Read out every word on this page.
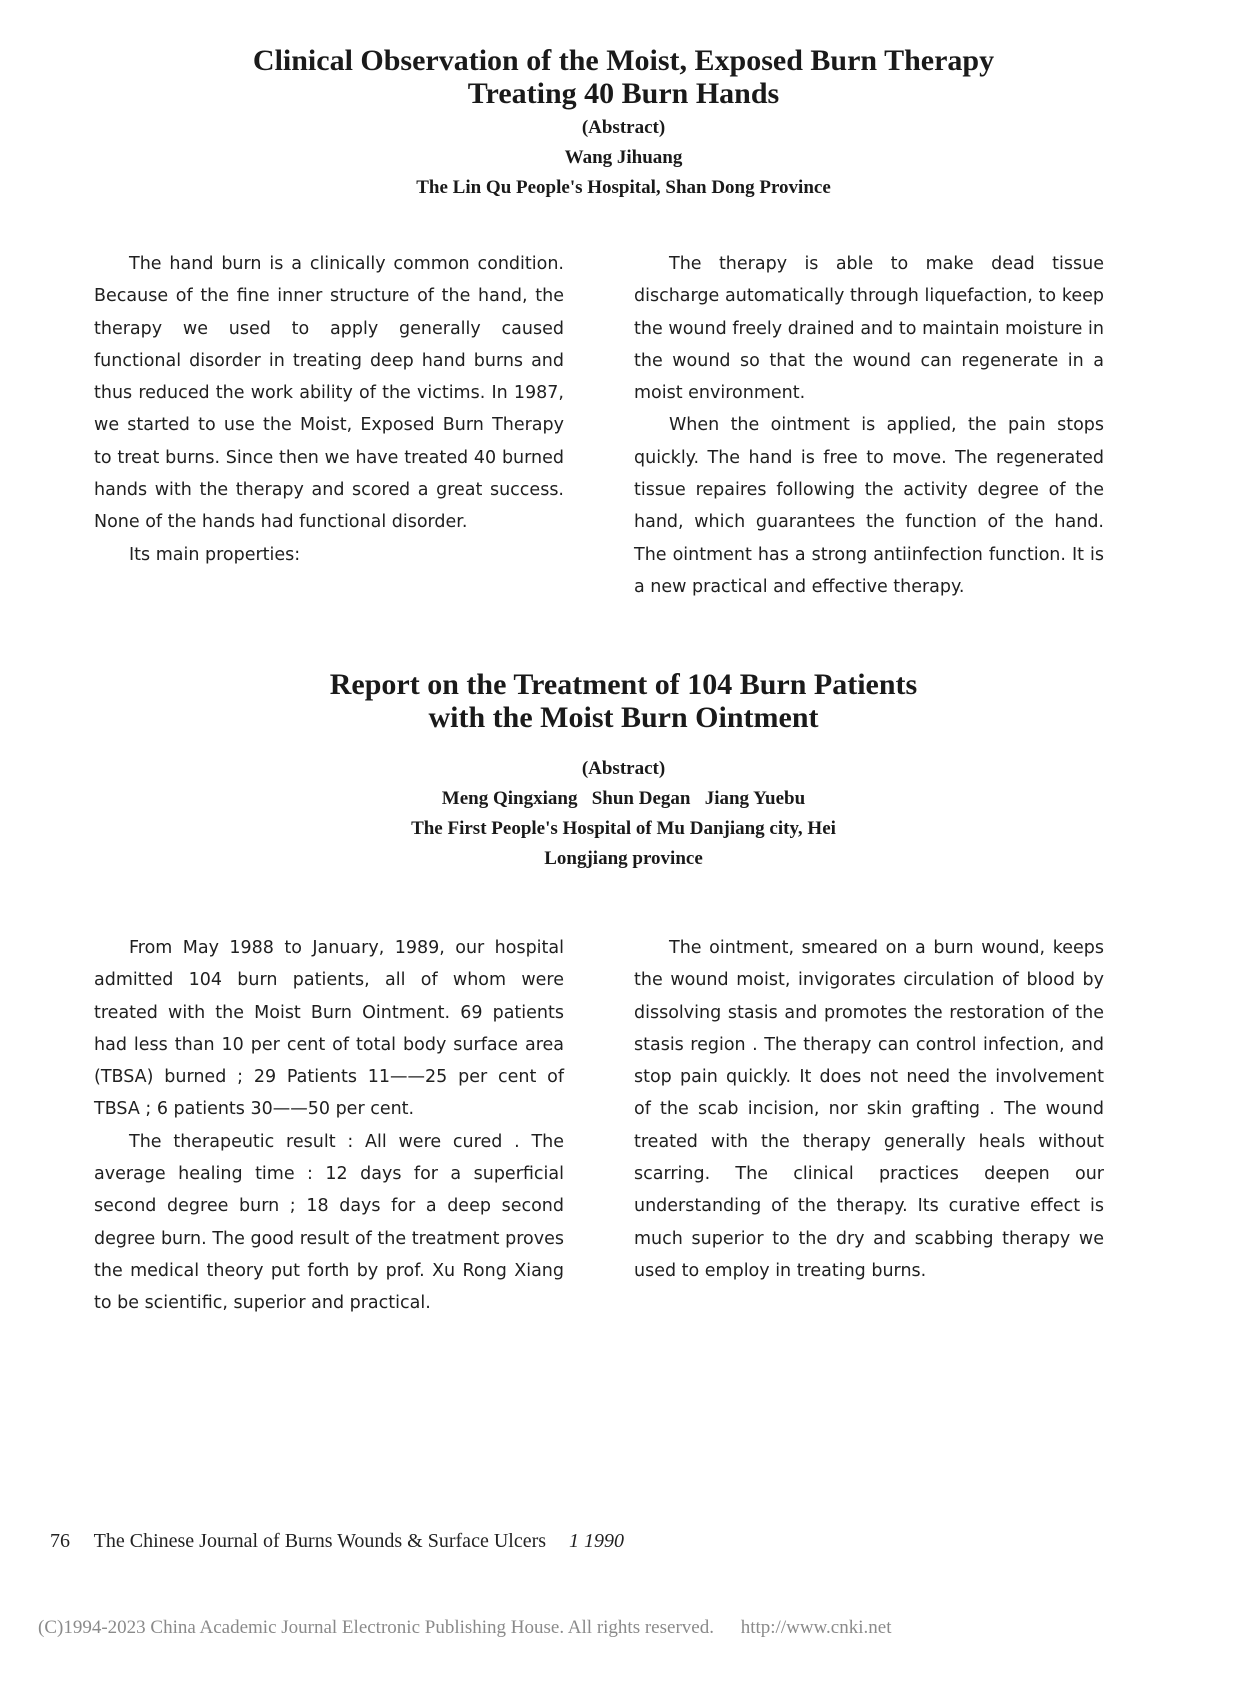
Clinical Observation of the Moist, Exposed Burn Therapy
Treating 40 Burn Hands
(Abstract)
Wang Jihuang
The Lin Qu People's Hospital, Shan Dong Province

The hand burn is a clinically common condition. Because of the fine inner structure of the hand, the therapy we used to apply generally caused functional disorder in treating deep hand burns and thus reduced the work ability of the victims. In 1987, we started to use the Moist, Exposed Burn Therapy to treat burns. Since then we have treated 40 burned hands with the therapy and scored a great success. None of the hands had functional disorder.

Its main properties:

The therapy is able to make dead tissue discharge automatically through liquefaction, to keep the wound freely drained and to maintain moisture in the wound so that the wound can regenerate in a moist environment.

When the ointment is applied, the pain stops quickly. The hand is free to move. The regenerated tissue repaires following the activity degree of the hand, which guarantees the function of the hand. The ointment has a strong antiinfection function. It is a new practical and effective therapy.

Report on the Treatment of 104 Burn Patients
with the Moist Burn Ointment
(Abstract)
Meng Qingxiang   Shun Degan   Jiang Yuebu
The First People's Hospital of Mu Danjiang city, Hei
Longjiang province

From May 1988 to January, 1989, our hospital admitted 104 burn patients, all of whom were treated with the Moist Burn Ointment. 69 patients had less than 10 per cent of total body surface area (TBSA) burned ; 29 Patients 11——25 per cent of TBSA ; 6 patients 30——50 per cent.

The therapeutic result : All were cured . The average healing time : 12 days for a superficial second degree burn ; 18 days for a deep second degree burn. The good result of the treatment proves the medical theory put forth by prof. Xu Rong Xiang to be scientific, superior and practical.

The ointment, smeared on a burn wound, keeps the wound moist, invigorates circulation of blood by dissolving stasis and promotes the restoration of the stasis region . The therapy can control infection, and stop pain quickly. It does not need the involvement of the scab incision, nor skin grafting . The wound treated with the therapy generally heals without scarring. The clinical practices deepen our understanding of the therapy. Its curative effect is much superior to the dry and scabbing therapy we used to employ in treating burns.

76 The Chinese Journal of Burns Wounds & Surface Ulcers 1 1990
(C)1994-2023 China Academic Journal Electronic Publishing House. All rights reserved. http://www.cnki.net
